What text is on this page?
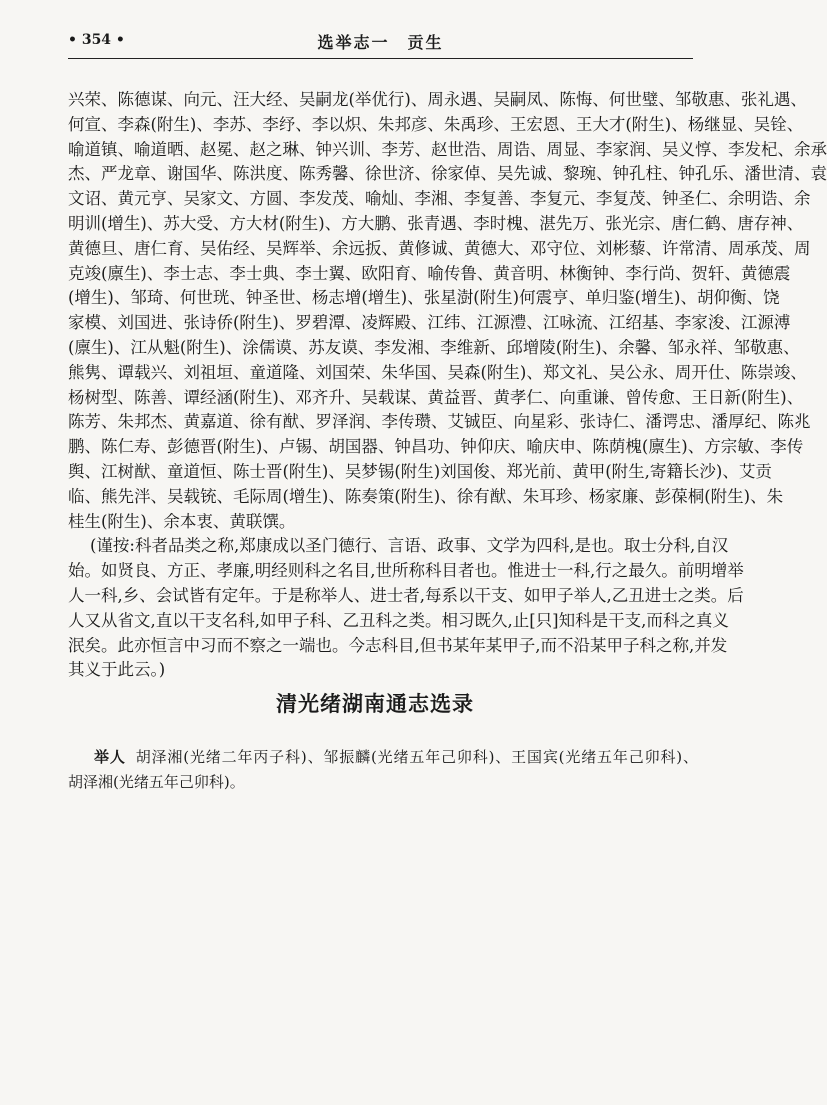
• 354 •	选举志一　贡生
兴荣、陈德谋、向元、汪大经、吴嗣龙(举优行)、周永遇、吴嗣凤、陈悔、何世璧、邹敬惠、张礼遇、
何宣、李森(附生)、李苏、李纾、李以炽、朱邦彦、朱禹珍、王宏恩、王大才(附生)、杨继显、吴铨、
喻道镇、喻道晒、赵冕、赵之琳、钟兴训、李芳、赵世浩、周诰、周显、李家润、吴义惇、李发杞、余承
杰、严龙章、谢国华、陈洪度、陈秀馨、徐世济、徐家倬、吴先诚、黎琬、钟孔柱、钟孔乐、潘世清、袁
文诏、黄元亨、吴家文、方圆、李发茂、喻灿、李湘、李复善、李复元、李复茂、钟圣仁、余明诰、余
明训(增生)、苏大受、方大材(附生)、方大鹏、张青遇、李时槐、湛先万、张光宗、唐仁鹤、唐存神、
黄德旦、唐仁育、吴佑经、吴辉举、余远扳、黄修诚、黄德大、邓守位、刘彬藜、许常清、周承茂、周
克竣(廪生)、李士志、李士典、李士翼、欧阳育、喻传鲁、黄音明、林衡钟、李行尚、贺轩、黄德震
(增生)、邹琦、何世珖、钟圣世、杨志增(增生)、张星澍(附生)何震亨、单归鉴(增生)、胡仰衡、饶
家模、刘国进、张诗侨(附生)、罗碧潭、凌辉殿、江纬、江源澧、江咏流、江绍基、李家浚、江源溥
(廪生)、江从魁(附生)、涂儒谟、苏友谟、李发湘、李维新、邱增陵(附生)、余馨、邹永祥、邹敬惠、
熊隽、谭载兴、刘祖垣、童道隆、刘国荣、朱华国、吴森(附生)、郑文礼、吴公永、周开仕、陈崇竣、
杨树型、陈善、谭经涵(附生)、邓齐升、吴载谋、黄益晋、黄孝仁、向重谦、曾传愈、王日新(附生)、
陈芳、朱邦杰、黄嘉道、徐有猷、罗泽润、李传瓒、艾铖臣、向星彩、张诗仁、潘谔忠、潘厚纪、陈兆
鹏、陈仁寿、彭德晋(附生)、卢锡、胡国器、钟昌功、钟仰庆、喻庆申、陈荫槐(廪生)、方宗敏、李传
舆、江树猷、童道恒、陈士晋(附生)、吴梦锡(附生)刘国俊、郑光前、黄甲(附生,寄籍长沙)、艾贡
临、熊先泮、吴载铳、毛际周(增生)、陈奏策(附生)、徐有猷、朱耳珍、杨家廉、彭葆桐(附生)、朱
桂生(附生)、余本衷、黄联馔。
(谨按:科者品类之称,郑康成以圣门德行、言语、政事、文学为四科,是也。取士分科,自汉
始。如贤良、方正、孝廉,明经则科之名目,世所称科目者也。惟进士一科,行之最久。前明增举
人一科,乡、会试皆有定年。于是称举人、进士者,每系以干支、如甲子举人,乙丑进士之类。后
人又从省文,直以干支名科,如甲子科、乙丑科之类。相习既久,止[只]知科是干支,而科之真义
泯矣。此亦恒言中习而不察之一端也。今志科目,但书某年某甲子,而不沿某甲子科之称,并发
其义于此云。)
清光绪湖南通志选录
举人 胡泽湘(光绪二年丙子科)、邹振麟(光绪五年己卯科)、王国宾(光绪五年己卯科)、
胡泽湘(光绪五年己卯科)。
